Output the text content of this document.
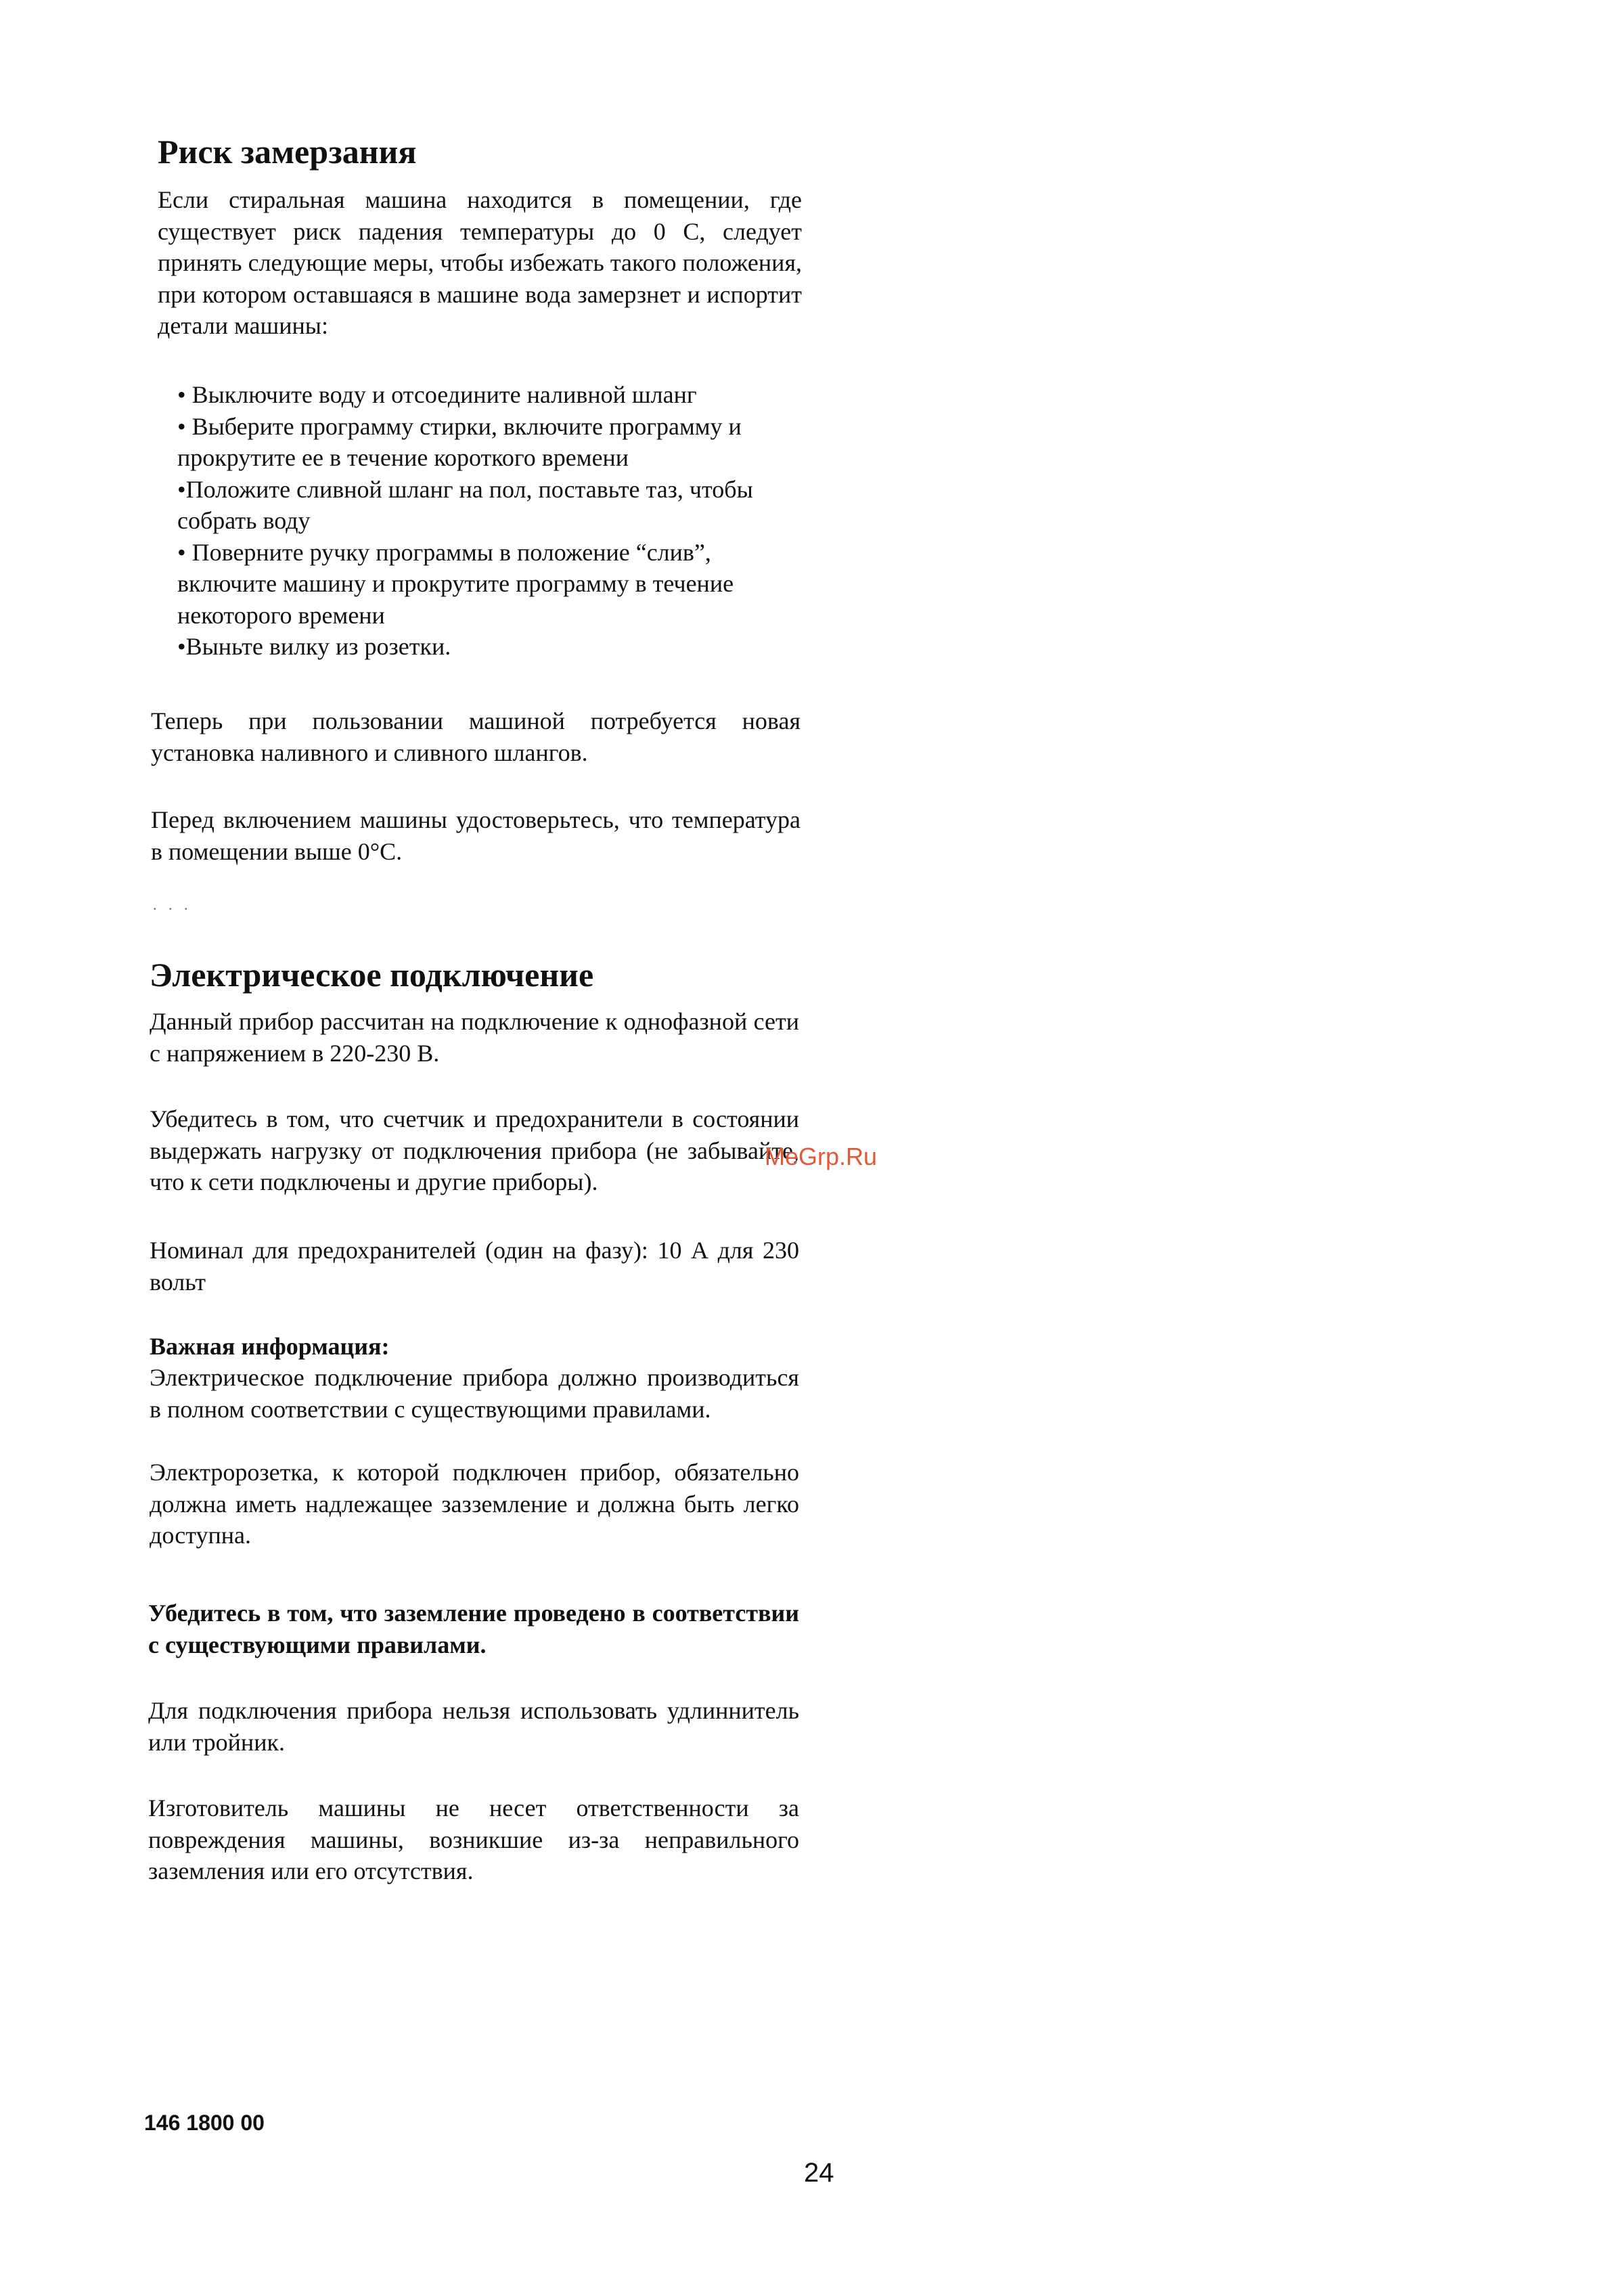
Риск замерзания
Если стиральная машина находится в помещении, где существует риск падения температуры до 0 С, следует принять следующие меры, чтобы избежать такого положения, при котором оставшаяся в машине вода замерзнет и испортит детали машины:
• Выключите воду и отсоедините наливной шланг
• Выберите программу стирки, включите программу и прокрутите ее в течение короткого времени
•Положите сливной шланг на пол, поставьте таз, чтобы собрать воду
• Поверните ручку программы в положение “слив”, включите машину и прокрутите программу в течение некоторого времени
•Выньте вилку из розетки.
Теперь при пользовании машиной потребуется новая установка наливного и сливного шлангов.
Перед включением машины удостоверьтесь, что температура в помещении выше 0°С.
. . .
Электрическое подключение
Данный прибор рассчитан на подключение к однофазной сети с напряжением в 220-230 В.
Убедитесь в том, что счетчик и предохранители в состоянии выдержать нагрузку от подключения прибора (не забывайте, что к сети подключены и другие приборы).
MeGrp.Ru
Номинал для предохранителей (один на фазу): 10 А для 230 вольт
Важная информация:
Электрическое подключение прибора должно производиться в полном соответствии с существующими правилами.
Электророзетка, к которой подключен прибор, обязательно должна иметь надлежащее зазземление и должна быть легко доступна.
Убедитесь в том, что заземление проведено в соответствии с существующими правилами.
Для подключения прибора нельзя использовать удлиннитель или тройник.
Изготовитель машины не несет ответственности за повреждения машины, возникшие из-за неправильного заземления или его отсутствия.
146 1800 00
24
